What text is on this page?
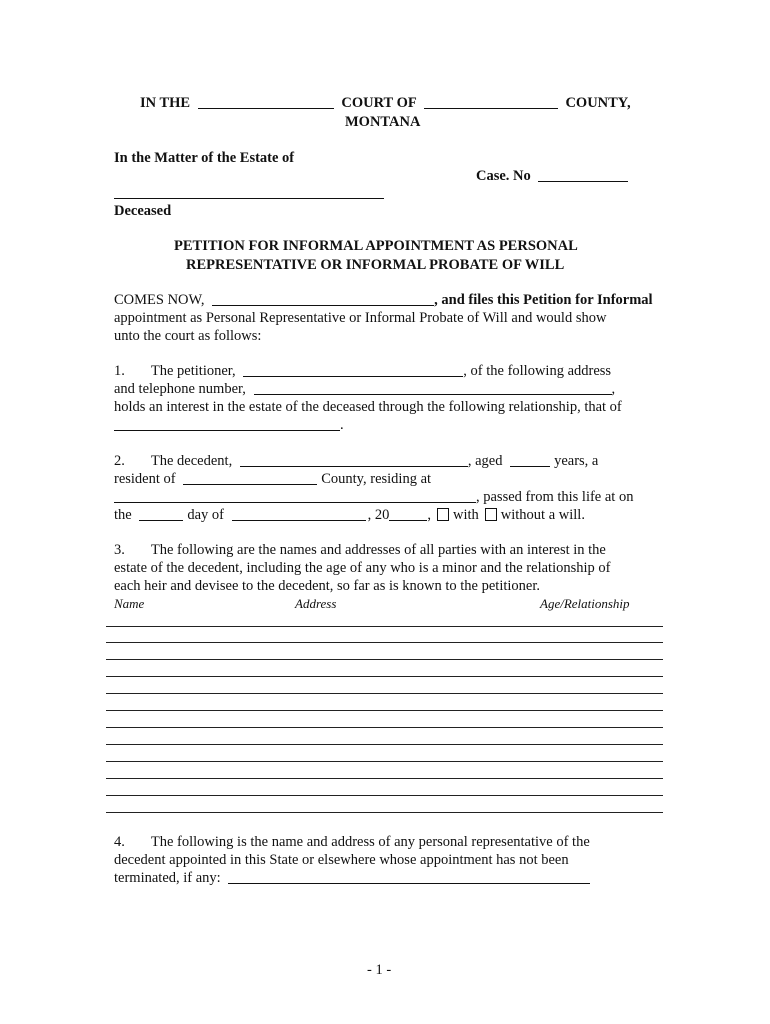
IN THE	COURT OF	COUNTY,
MONTANA
In the Matter of the Estate of
Case. No
Deceased
PETITION FOR INFORMAL APPOINTMENT AS PERSONAL
REPRESENTATIVE OR INFORMAL PROBATE OF WILL
COMES NOW,	, and files this Petition for Informal
appointment as Personal Representative or Informal Probate of Will and would show
unto the court as follows:
1. The petitioner,	, of the following address
and telephone number,	,
holds an interest in the estate of the deceased through the following relationship, that of
.
2. The decedent,	, aged	years, a
resident of	County, residing at
, passed from this life at on
the	day of	, 20	, with without a will.
3. The following are the names and addresses of all parties with an interest in the
estate of the decedent, including the age of any who is a minor and the relationship of
each heir and devisee to the decedent, so far as is known to the petitioner.
Name	Address	Age/Relationship
4. The following is the name and address of any personal representative of the
decedent appointed in this State or elsewhere whose appointment has not been
terminated, if any:
- 1 -
